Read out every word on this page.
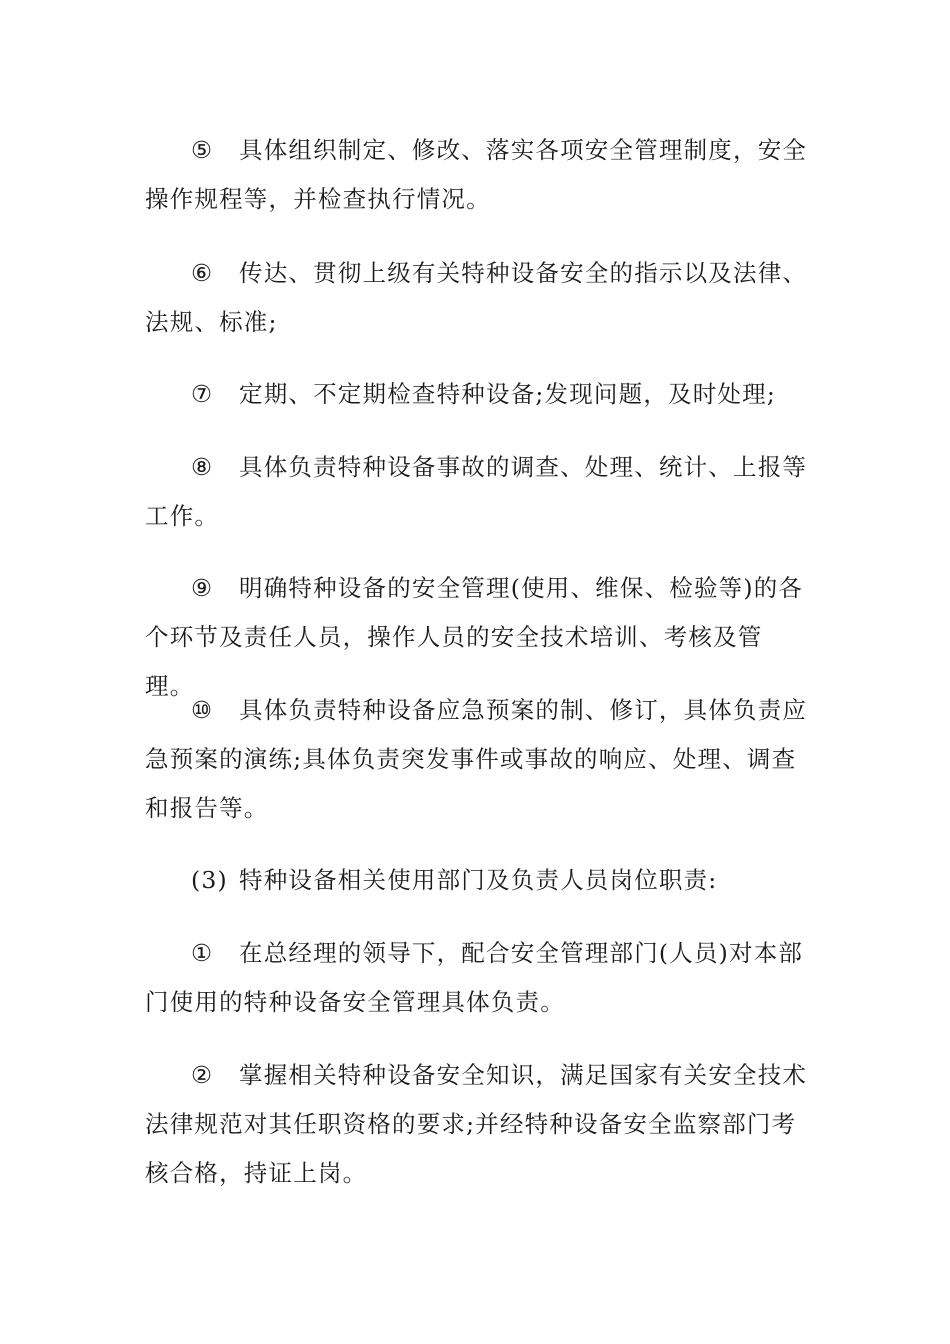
⑤ 具体组织制定、修改、落实各项安全管理制度，安全操作规程等，并检查执行情况。

⑥ 传达、贯彻上级有关特种设备安全的指示以及法律、法规、标准;

⑦ 定期、不定期检查特种设备;发现问题，及时处理;

⑧ 具体负责特种设备事故的调查、处理、统计、上报等工作。

⑨ 明确特种设备的安全管理(使用、维保、检验等)的各个环节及责任人员，操作人员的安全技术培训、考核及管理。

⑩ 具体负责特种设备应急预案的制、修订，具体负责应急预案的演练;具体负责突发事件或事故的响应、处理、调查和报告等。

(3) 特种设备相关使用部门及负责人员岗位职责:

① 在总经理的领导下，配合安全管理部门(人员)对本部门使用的特种设备安全管理具体负责。

② 掌握相关特种设备安全知识，满足国家有关安全技术法律规范对其任职资格的要求;并经特种设备安全监察部门考核合格，持证上岗。
